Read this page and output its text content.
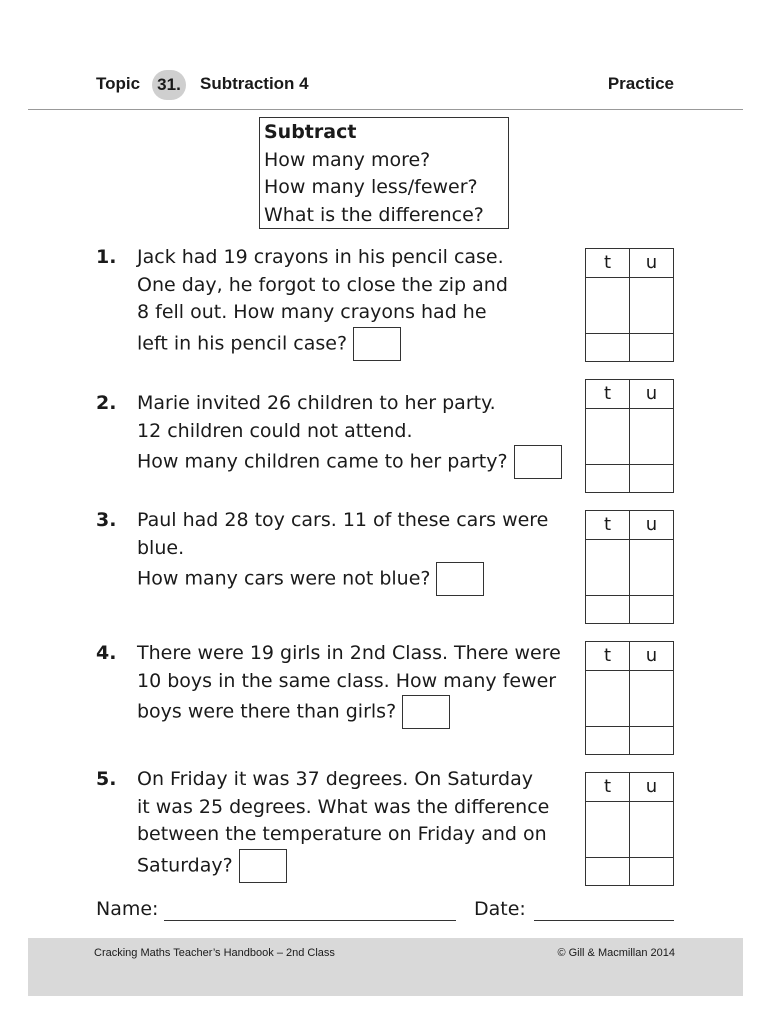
Topic	31.	Subtraction 4	Practice
Subtract
How many more?
How many less/fewer?
What is the difference?
1. Jack had 19 crayons in his pencil case.
One day, he forgot to close the zip and
8 fell out. How many crayons had he
left in his pencil case?
t	u
2. Marie invited 26 children to her party.
12 children could not attend.
How many children came to her party?
t	u
3. Paul had 28 toy cars. 11 of these cars were
blue.
How many cars were not blue?
t	u
4. There were 19 girls in 2nd Class. There were
10 boys in the same class. How many fewer
boys were there than girls?
t	u
5. On Friday it was 37 degrees. On Saturday
it was 25 degrees. What was the difference
between the temperature on Friday and on
Saturday?
t	u
Name:	Date:
Cracking Maths Teacher’s Handbook – 2nd Class	© Gill & Macmillan 2014
